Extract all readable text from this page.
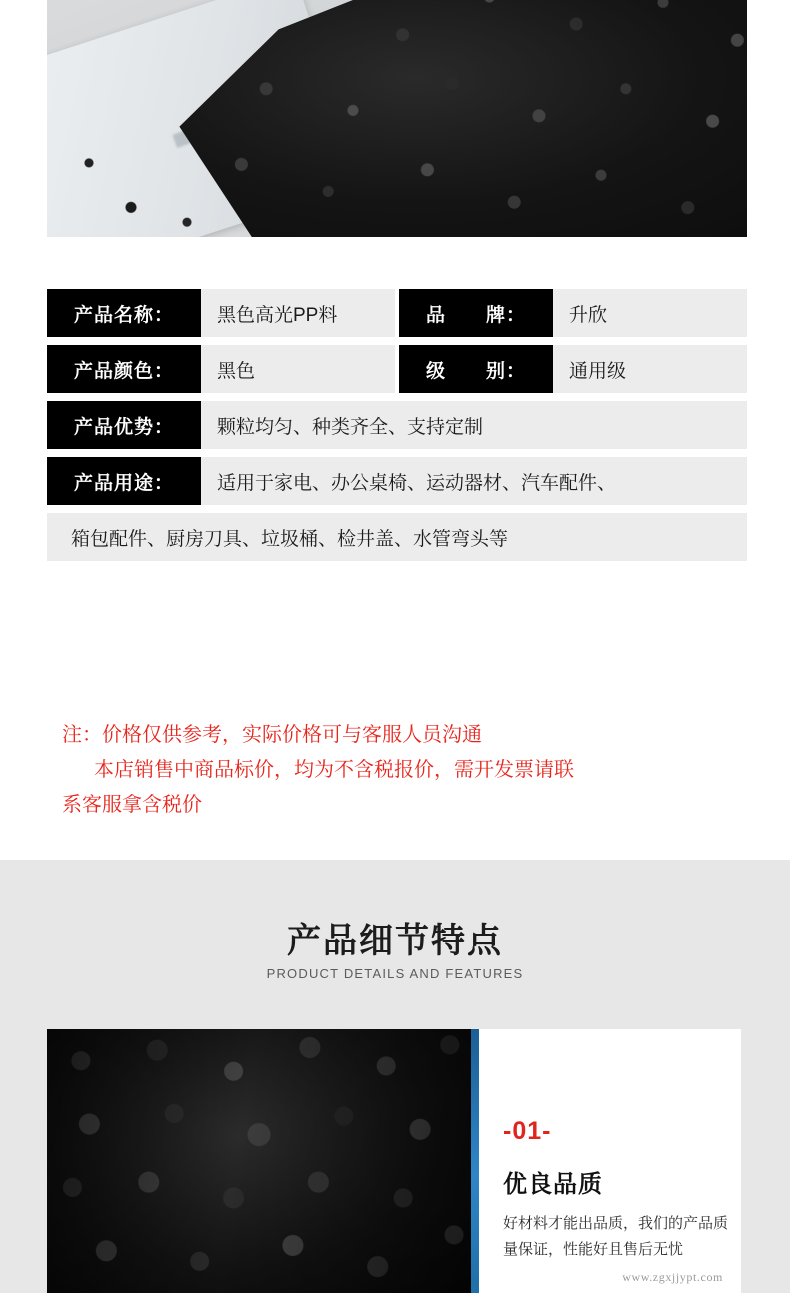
产品名称：	黑色高光PP料	品　　牌：	升欣
产品颜色：	黑色	级　　别：	通用级
产品优势：	颗粒均匀、种类齐全、支持定制
产品用途：	适用于家电、办公桌椅、运动器材、汽车配件、
箱包配件、厨房刀具、垃圾桶、检井盖、水管弯头等
注：价格仅供参考，实际价格可与客服人员沟通
本店销售中商品标价，均为不含税报价，需开发票请联
系客服拿含税价
产品细节特点
PRODUCT DETAILS AND FEATURES
-01-
优良品质
好材料才能出品质，我们的产品质量保证，性能好且售后无忧
www.zgxjjypt.com
